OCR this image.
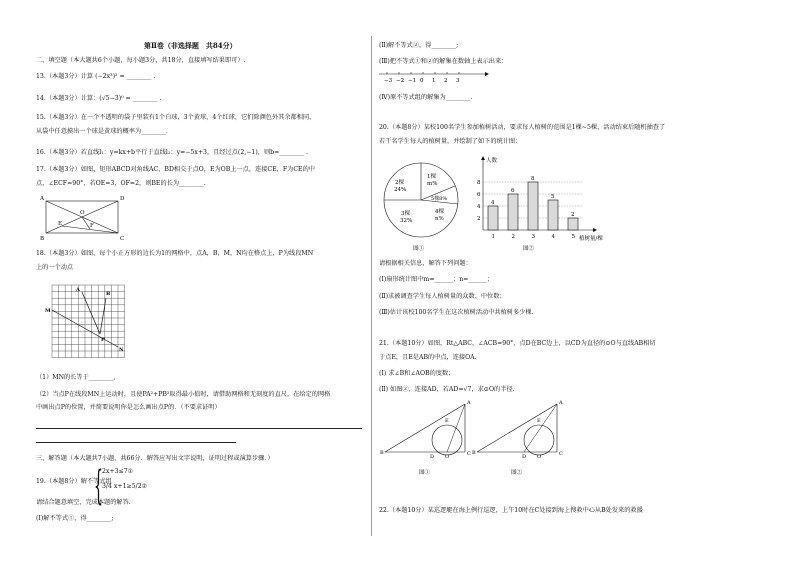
第Ⅱ卷（非选择题　共84分）
二、填空题（本大题共6个小题，每小题3分，共18分，直接填写结果即可）.
13.（本题3分）计算 (−2x³)² = ________ .
14.（本题3分）计算：(√5−3)⁰ = ________ .
15.（本题3分）在一个不透明的袋子里装有1个白球，3个黄球，4个红球，它们除颜色外其余都相同，
从袋中任意摸出一个球是黄球的概率为________.
16.（本题3分）若直线l₁：y=kx+b平行于直线l₂：y=−5x+3，且经过点(2,−1)，则b=________ .
17.（本题3分）如图，矩形ABCD对角线AC，BD相交于点O，E为OB上一点，连接CE，F为CE的中
点，∠ECF=90°，若OE=3，OF=2，则BE的长为________.
A	D
B	C
O
E	F
18.（本题3分）如图，每个小正方形的边长为1的网格中，点A，B，M，N均在格点上，P为线段MN
上的一个动点
A
B
M
N
P
（1）MN的长等于________,
（2）当点P在线段MN上运动时，且使PA²+PB²取得最小值时，请借助网格和无刻度的直尺，在给定的网格
中画出点P的位置，并简要说明你是怎么画出点P的．（不要求证明）
三、解答题（本大题共7小题，共66分．解答应写出文字说明，证明过程或演算步骤．）
19.（本题8分）解不等式组
{ 2x+3≤7①
3/4 x+1≥5/2②
请结合题意填空，完成本题的解答.
(Ⅰ)解不等式①，得________;
(Ⅱ)解不等式②，得________;
(Ⅲ)把不等式①和②的解集在数轴上表示出来：
−3 −2 −1 0 1 2 3
(Ⅳ)原不等式组的解集为________.
20.（本题8分）某校100名学生参加植树活动，要求每人植树的范围是1棵~5棵，活动结束后随机抽查了
若干名学生每人的植树量，并绘制了如下的统计图：
2棵 24%
1棵 m%
5棵8%
4棵 n%
3棵 32%
图①
人数
植树量/棵
2
4
6
8
4
1
6
2
8
3
5
4
2
5
图②
请根据相关信息，解答下列问题：
(Ⅰ)扇形统计图中m=______；n=______；
(Ⅱ)求被调查学生每人植树量的众数、中位数；
(Ⅲ)估计该校100名学生在这次植树活动中共植树多少棵.
21.（本题10分）如图，Rt△ABC，∠ACB=90°，点D在BC边上，以CD为直径的⊙O与直线AB相切
于点E，且E是AB的中点，连接OA.
(Ⅰ) 求∠B和∠AOB的度数；
(Ⅱ) 如图②，连接AD，若AD=√7，求⊙O的半径.
B
A
C
D O
E
图①
B
A
C
D O
E
图②
22.（本题10分）某巡逻艇在海上例行巡逻，上午10时在C处接到海上搜救中心从B处发来的救援
